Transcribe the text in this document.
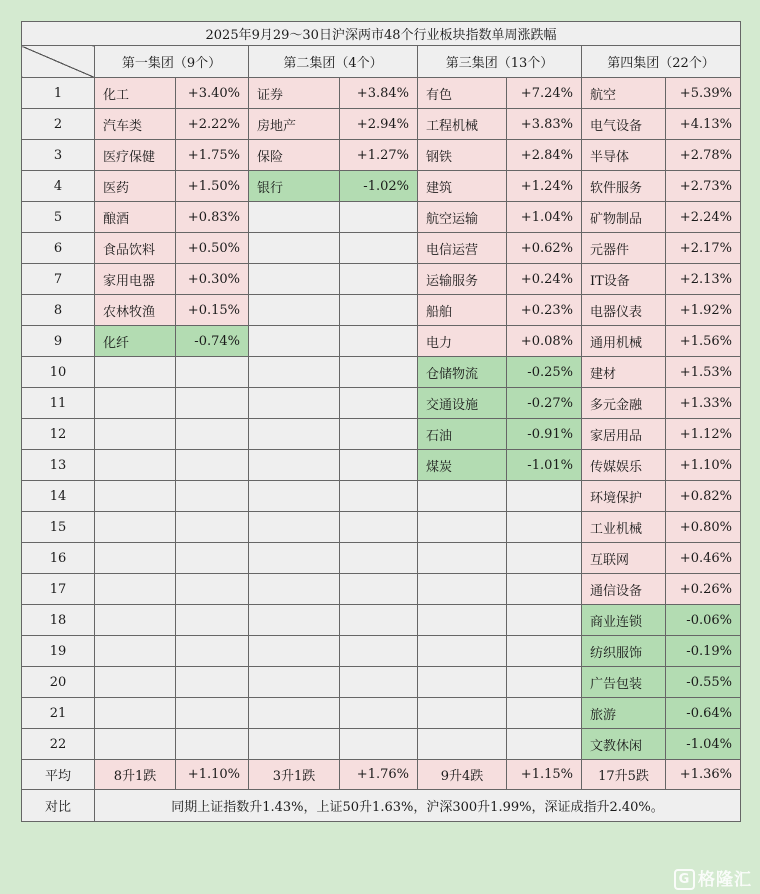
2025年9月29～30日沪深两市48个行业板块指数单周涨跌幅								
	第一集团（9个）		第二集团（4个）		第三集团（13个）		第四集团（22个）	
1	化工	+3.40%	证券	+3.84%	有色	+7.24%	航空	+5.39%
2	汽车类	+2.22%	房地产	+2.94%	工程机械	+3.83%	电气设备	+4.13%
3	医疗保健	+1.75%	保险	+1.27%	钢铁	+2.84%	半导体	+2.78%
4	医药	+1.50%	银行	-1.02%	建筑	+1.24%	软件服务	+2.73%
5	酿酒	+0.83%			航空运输	+1.04%	矿物制品	+2.24%
6	食品饮料	+0.50%			电信运营	+0.62%	元器件	+2.17%
7	家用电器	+0.30%			运输服务	+0.24%	IT设备	+2.13%
8	农林牧渔	+0.15%			船舶	+0.23%	电器仪表	+1.92%
9	化纤	-0.74%			电力	+0.08%	通用机械	+1.56%
10					仓储物流	-0.25%	建材	+1.53%
11					交通设施	-0.27%	多元金融	+1.33%
12					石油	-0.91%	家居用品	+1.12%
13					煤炭	-1.01%	传媒娱乐	+1.10%
14							环境保护	+0.82%
15							工业机械	+0.80%
16							互联网	+0.46%
17							通信设备	+0.26%
18							商业连锁	-0.06%
19							纺织服饰	-0.19%
20							广告包装	-0.55%
21							旅游	-0.64%
22							文教休闲	-1.04%
平均	8升1跌	+1.10%	3升1跌	+1.76%	9升4跌	+1.15%	17升5跌	+1.36%
对比	同期上证指数升1.43%，上证50升1.63%，沪深300升1.99%，深证成指升2.40%。							
G 格隆汇
